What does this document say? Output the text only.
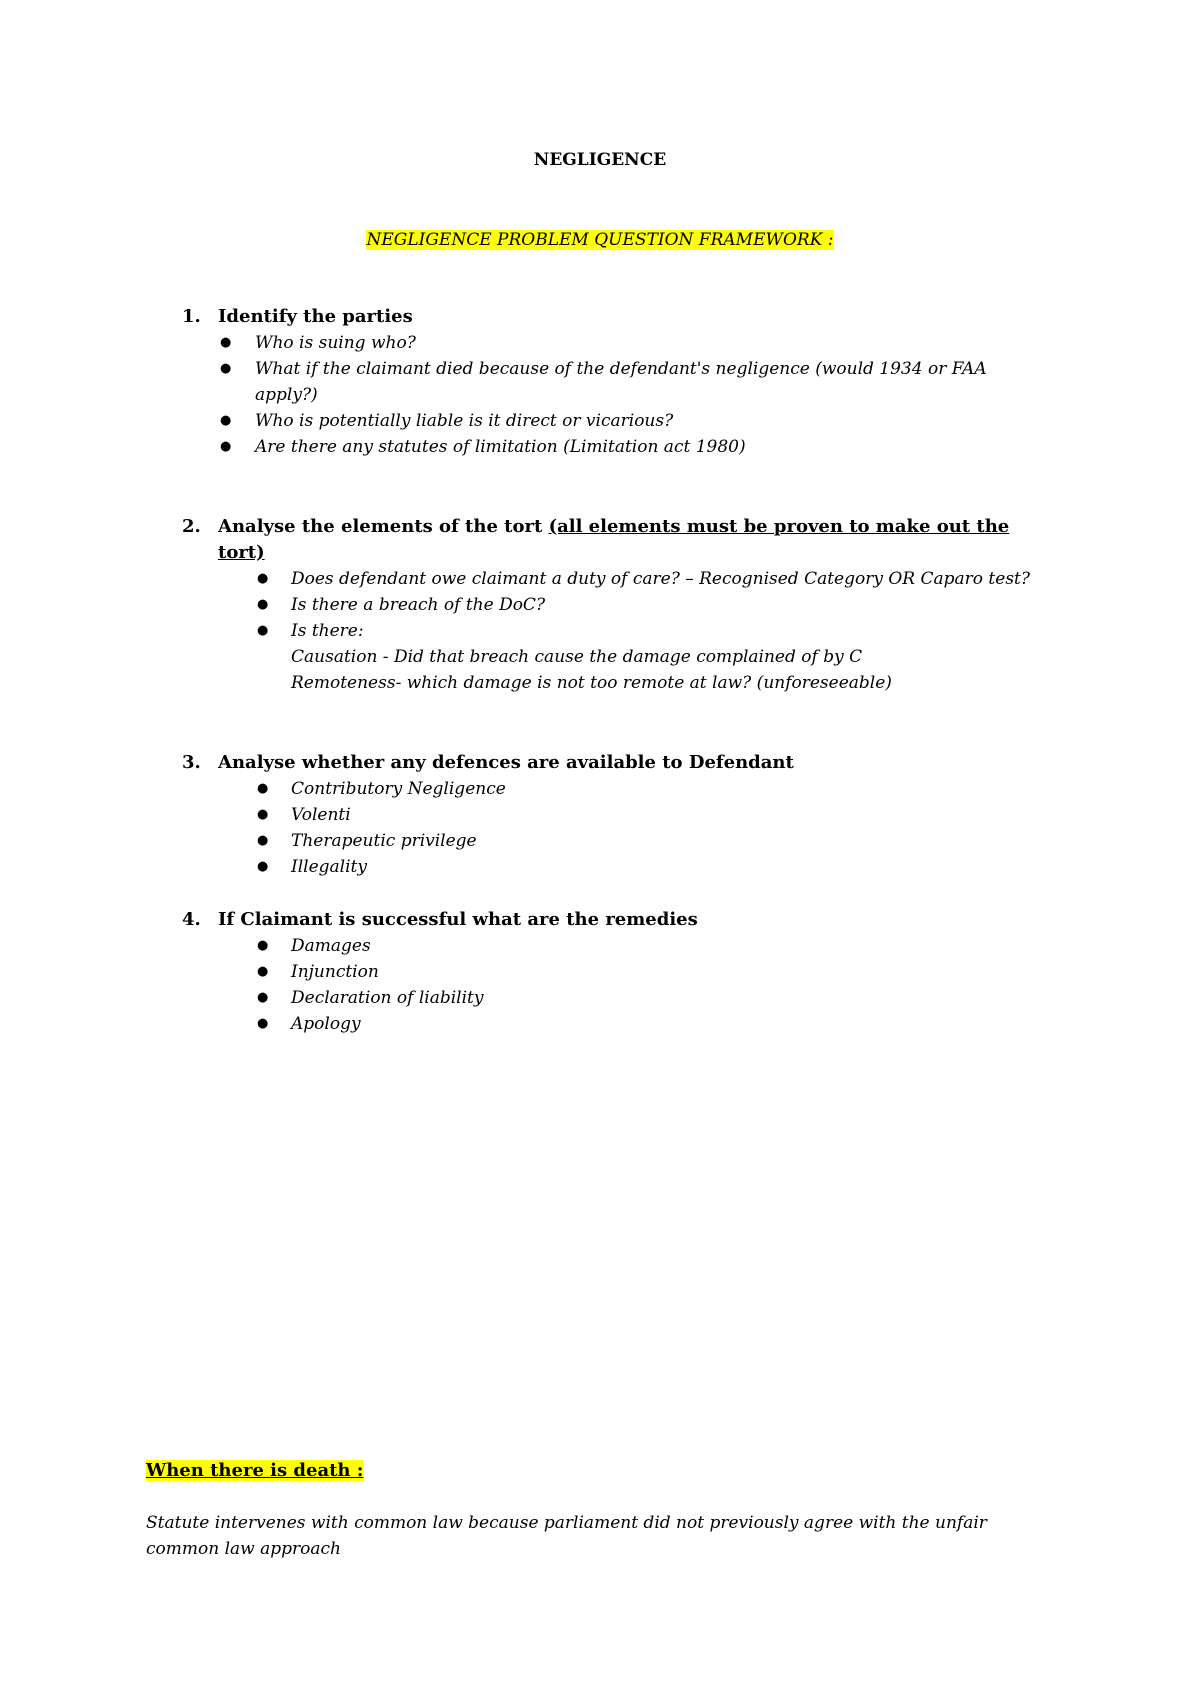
NEGLIGENCE
NEGLIGENCE PROBLEM QUESTION FRAMEWORK :
1. Identify the parties
● Who is suing who?
● What if the claimant died because of the defendant's negligence (would 1934 or FAA apply?)
● Who is potentially liable is it direct or vicarious?
● Are there any statutes of limitation (Limitation act 1980)
2. Analyse the elements of the tort (all elements must be proven to make out the tort)
● Does defendant owe claimant a duty of care? – Recognised Category OR Caparo test?
● Is there a breach of the DoC?
● Is there:
Causation - Did that breach cause the damage complained of by C
Remoteness- which damage is not too remote at law? (unforeseeable)
3. Analyse whether any defences are available to Defendant
● Contributory Negligence
● Volenti
● Therapeutic privilege
● Illegality
4. If Claimant is successful what are the remedies
● Damages
● Injunction
● Declaration of liability
● Apology
When there is death :
Statute intervenes with common law because parliament did not previously agree with the unfair common law approach
